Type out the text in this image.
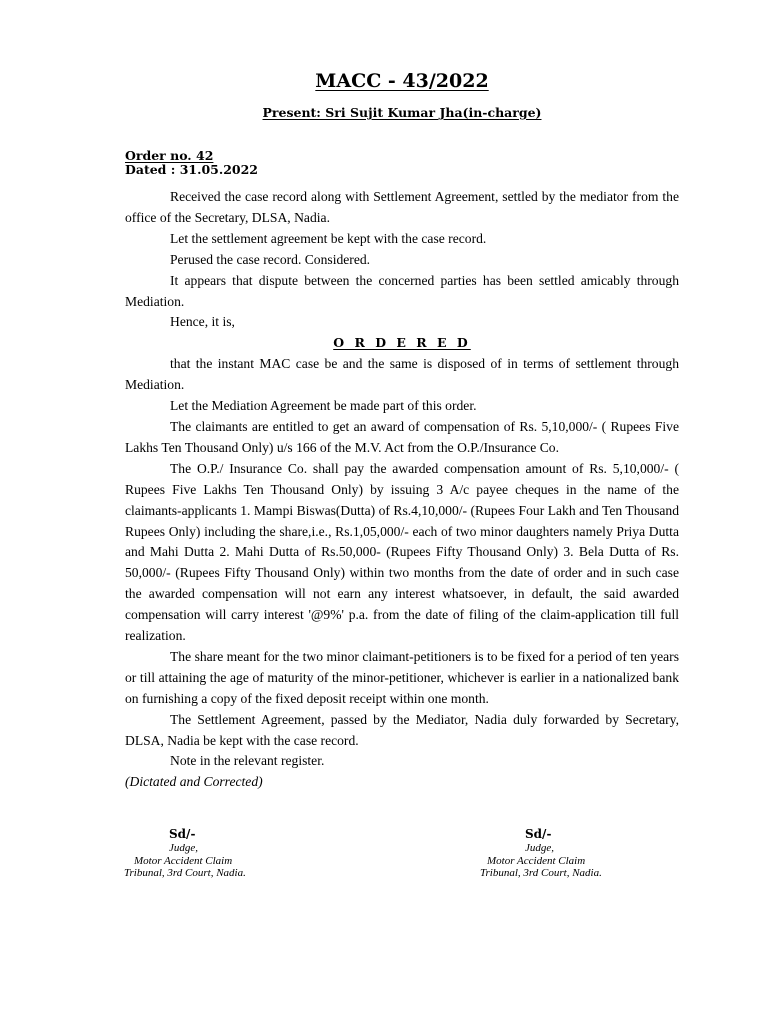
MACC - 43/2022
Present: Sri Sujit Kumar Jha(in-charge)
Order no. 42
Dated : 31.05.2022

Received the case record along with Settlement Agreement, settled by the mediator from the office of the Secretary, DLSA, Nadia.

Let the settlement agreement be kept with the case record.

Perused the case record. Considered.

It appears that dispute between the concerned parties has been settled amicably through Mediation.

Hence, it is,

O R D E R E D

that the instant MAC case be and the same is disposed of in terms of settlement through Mediation.

Let the Mediation Agreement be made part of this order.

The claimants are entitled to get an award of compensation of Rs. 5,10,000/- ( Rupees Five Lakhs Ten Thousand Only) u/s 166 of the M.V. Act from the O.P./Insurance Co.

The O.P./ Insurance Co. shall pay the awarded compensation amount of Rs. 5,10,000/- ( Rupees Five Lakhs Ten Thousand Only) by issuing 3 A/c payee cheques in the name of the claimants-applicants 1. Mampi Biswas(Dutta) of Rs.4,10,000/- (Rupees Four Lakh and Ten Thousand Rupees Only) including the share,i.e., Rs.1,05,000/- each of two minor daughters namely Priya Dutta and Mahi Dutta 2. Mahi Dutta of Rs.50,000- (Rupees Fifty Thousand Only) 3. Bela Dutta of Rs. 50,000/- (Rupees Fifty Thousand Only) within two months from the date of order and in such case the awarded compensation will not earn any interest whatsoever, in default, the said awarded compensation will carry interest '@9%' p.a. from the date of filing of the claim-application till full realization.

The share meant for the two minor claimant-petitioners is to be fixed for a period of ten years or till attaining the age of maturity of the minor-petitioner, whichever is earlier in a nationalized bank on furnishing a copy of the fixed deposit receipt within one month.

The Settlement Agreement, passed by the Mediator, Nadia duly forwarded by Secretary, DLSA, Nadia be kept with the case record.

Note in the relevant register.

(Dictated and Corrected)

Sd/-
Judge,
Motor Accident Claim
Tribunal, 3rd Court, Nadia.
Sd/-
Judge,
Motor Accident Claim
Tribunal, 3rd Court, Nadia.
